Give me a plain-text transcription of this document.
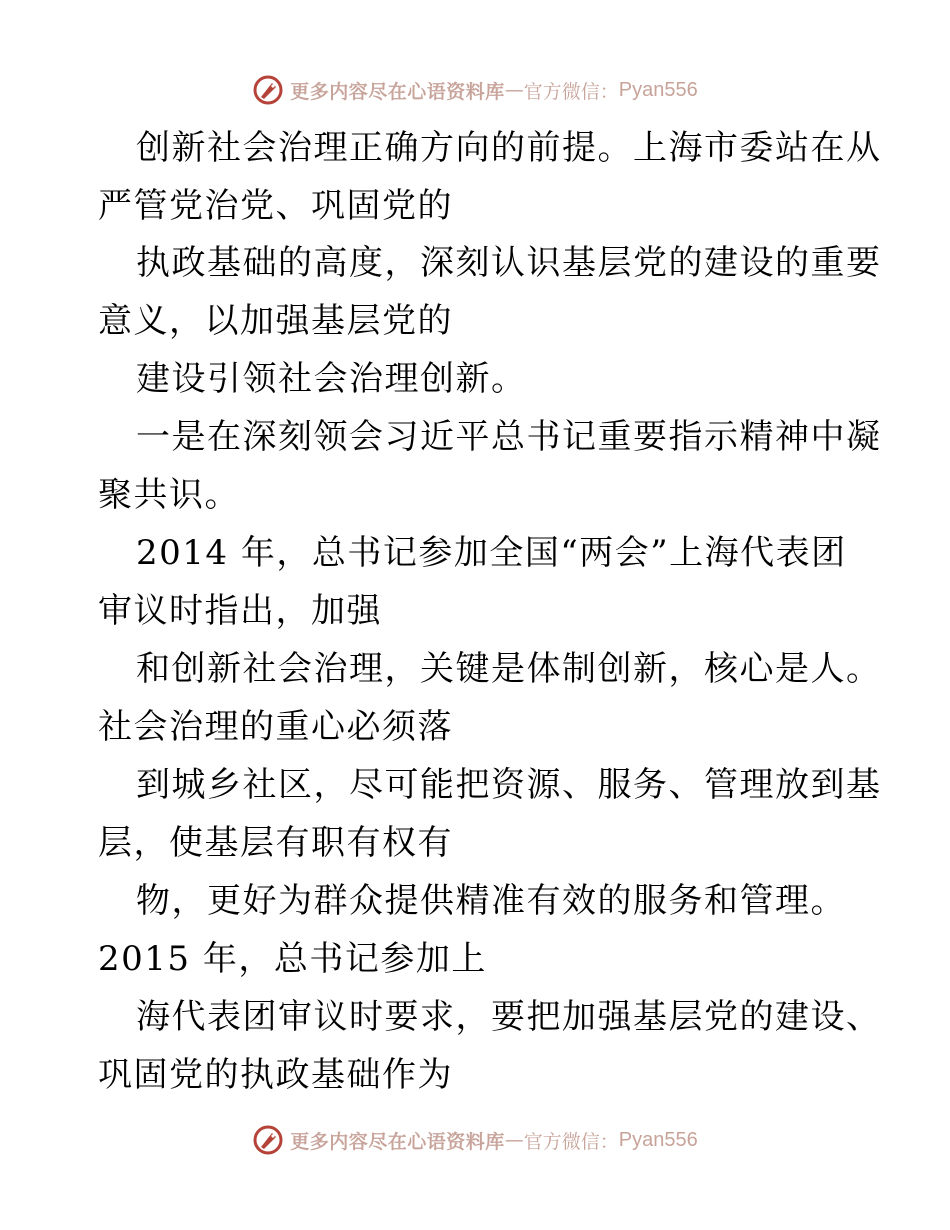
更多内容尽在心语资料库 — 官方微信： Pyan556
创新社会治理正确方向的前提。上海市委站在从
严管党治党、巩固党的
执政基础的高度，深刻认识基层党的建设的重要
意义，以加强基层党的
建设引领社会治理创新。
一是在深刻领会习近平总书记重要指示精神中凝
聚共识。
2014 年，总书记参加全国“两会”上海代表团
审议时指出，加强
和创新社会治理，关键是体制创新，核心是人。
社会治理的重心必须落
到城乡社区，尽可能把资源、服务、管理放到基
层，使基层有职有权有
物，更好为群众提供精准有效的服务和管理。
2015 年，总书记参加上
海代表团审议时要求，要把加强基层党的建设、
巩固党的执政基础作为
更多内容尽在心语资料库 — 官方微信： Pyan556
